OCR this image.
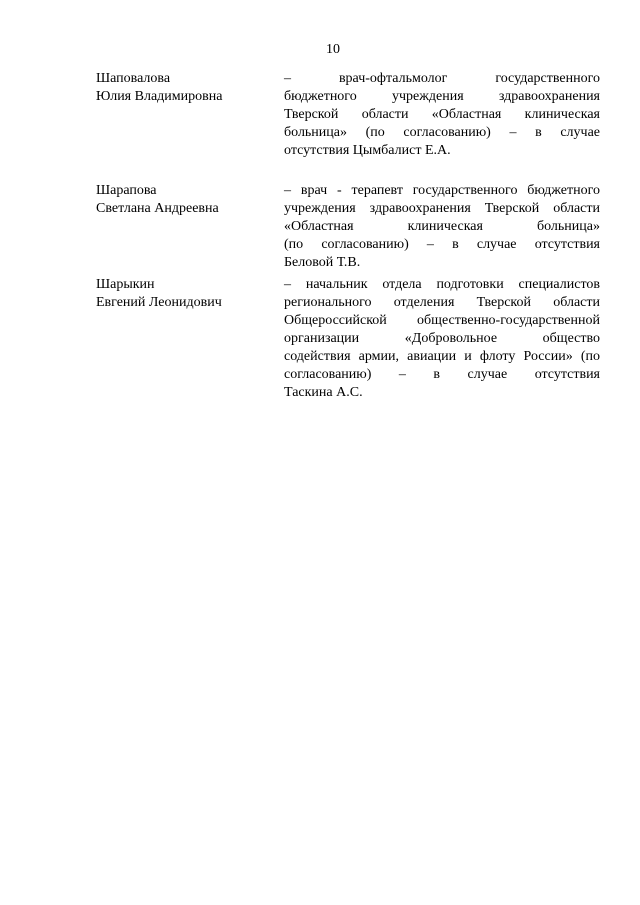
10
Шаповалова
Юлия Владимировна
– врач-офтальмолог государственного
бюджетного учреждения здравоохранения
Тверской области «Областная клиническая
больница» (по согласованию) – в случае
отсутствия Цымбалист Е.А.
Шарапова
Светлана Андреевна
– врач - терапевт государственного бюджетного
учреждения здравоохранения Тверской области
«Областная клиническая больница»
(по согласованию) – в случае отсутствия
Беловой Т.В.
Шарыкин
Евгений Леонидович
– начальник отдела подготовки специалистов
регионального отделения Тверской области
Общероссийской общественно-государственной
организации «Добровольное общество
содействия армии, авиации и флоту России» (по
согласованию) – в случае отсутствия
Таскина А.С.
